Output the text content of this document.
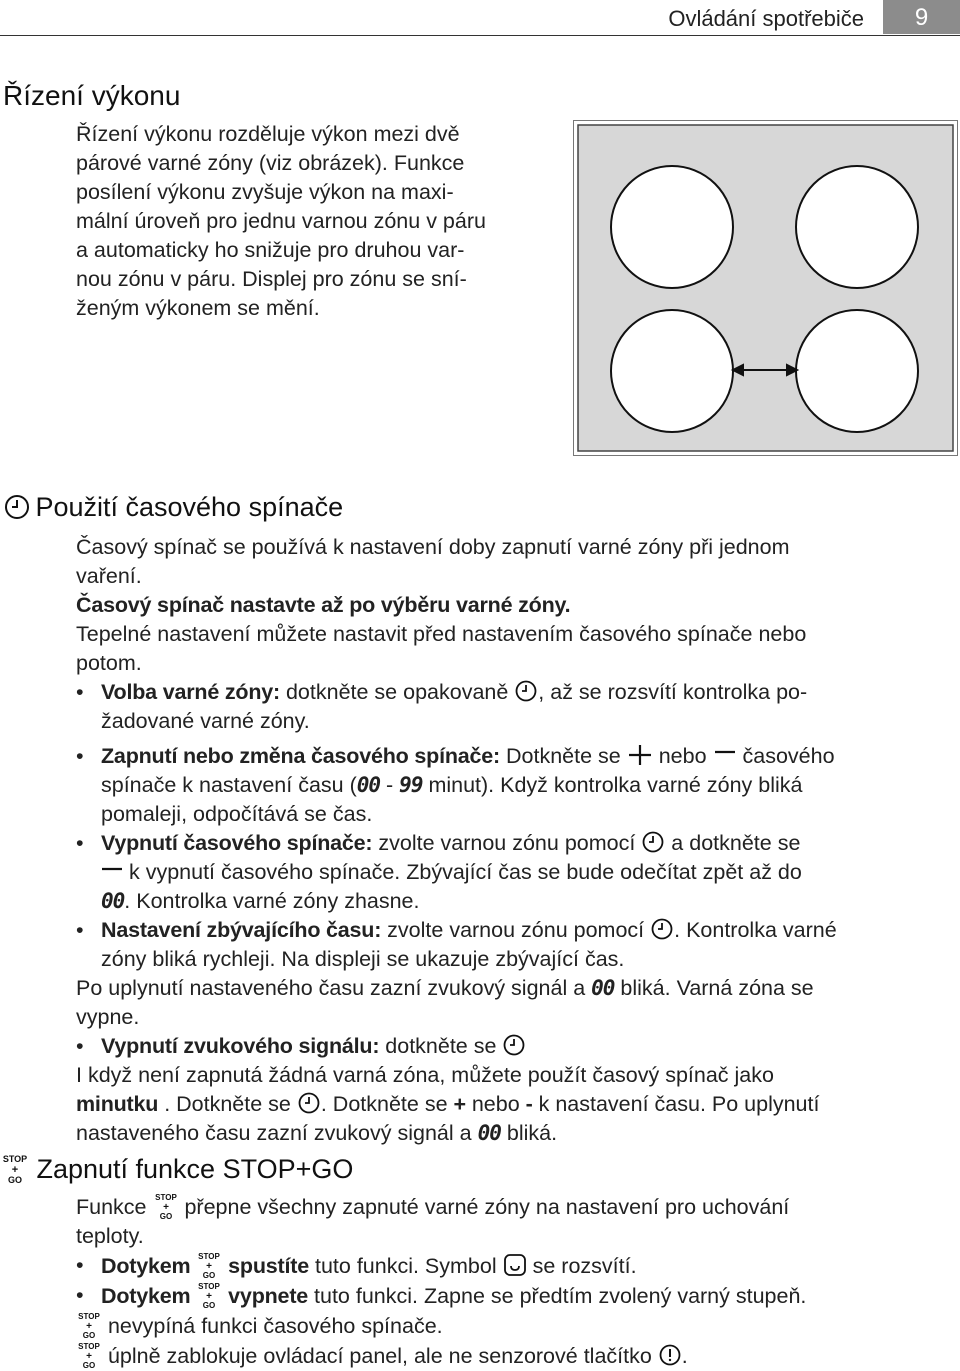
Ovládání spotřebiče	9
Řízení výkonu

Řízení výkonu rozděluje výkon mezi dvě

párové varné zóny (viz obrázek). Funkce

posílení výkonu zvyšuje výkon na maxi-

mální úroveň pro jednu varnou zónu v páru

a automaticky ho snižuje pro druhou var-

nou zónu v páru. Displej pro zónu se sní-

ženým výkonem se mění.

Použití časového spínače

Časový spínač se používá k nastavení doby zapnutí varné zóny při jednom

vaření.

Časový spínač nastavte až po výběru varné zóny.

Tepelné nastavení můžete nastavit před nastavením časového spínače nebo

potom.

• Volba varné zóny: dotkněte se opakovaně , až se rozsvítí kontrolka po-
žadované varné zóny.
• Zapnutí nebo změna časového spínače: Dotkněte se nebo časového
spínače k nastavení času (00 - 99 minut). Když kontrolka varné zóny bliká
pomaleji, odpočítává se čas.
• Vypnutí časového spínače: zvolte varnou zónu pomocí  a dotkněte se
k vypnutí časového spínače. Zbývající čas se bude odečítat zpět až do
00. Kontrolka varné zóny zhasne.
• Nastavení zbývajícího času: zvolte varnou zónu pomocí . Kontrolka varné
zóny bliká rychleji. Na displeji se ukazuje zbývající čas.

Po uplynutí nastaveného času zazní zvukový signál a 00 bliká. Varná zóna se
vypne.

• Vypnutí zvukového signálu: dotkněte se

I když není zapnutá žádná varná zóna, můžete použít časový spínač jako
minutku . Dotkněte se . Dotkněte se + nebo - k nastavení času. Po uplynutí
nastaveného času zazní zvukový signál a 00 bliká.

STOP
+
GO Zapnutí funkce STOP+GO

Funkce STOP
+
GO přepne všechny zapnuté varné zóny na nastavení pro uchování
teploty.

• Dotykem STOP
+
GO spustíte tuto funkci. Symbol  se rozsvítí.
• Dotykem STOP
+
GO vypnete tuto funkci. Zapne se předtím zvolený varný stupeň.

STOP
+
GO nevypíná funkci časového spínače.

STOP
+
GO úplně zablokuje ovládací panel, ale ne senzorové tlačítko .
